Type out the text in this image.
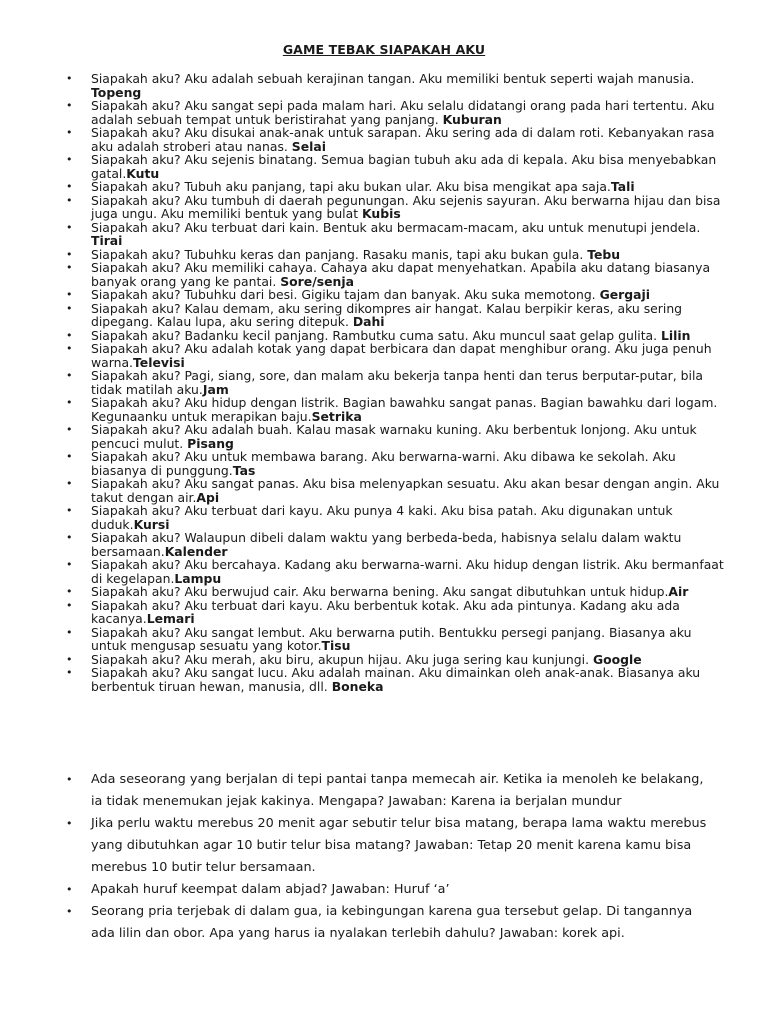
GAME TEBAK SIAPAKAH AKU
• Siapakah aku? Aku adalah sebuah kerajinan tangan. Aku memiliki bentuk seperti wajah manusia. Topeng
• Siapakah aku? Aku sangat sepi pada malam hari. Aku selalu didatangi orang pada hari tertentu. Aku adalah sebuah tempat untuk beristirahat yang panjang. Kuburan
• Siapakah aku? Aku disukai anak-anak untuk sarapan. Aku sering ada di dalam roti. Kebanyakan rasa aku adalah stroberi atau nanas. Selai
• Siapakah aku? Aku sejenis binatang. Semua bagian tubuh aku ada di kepala. Aku bisa menyebabkan gatal.Kutu
• Siapakah aku? Tubuh aku panjang, tapi aku bukan ular. Aku bisa mengikat apa saja.Tali
• Siapakah aku? Aku tumbuh di daerah pegunungan. Aku sejenis sayuran. Aku berwarna hijau dan bisa juga ungu. Aku memiliki bentuk yang bulat Kubis
• Siapakah aku? Aku terbuat dari kain. Bentuk aku bermacam-macam, aku untuk menutupi jendela. Tirai
• Siapakah aku? Tubuhku keras dan panjang. Rasaku manis, tapi aku bukan gula. Tebu
• Siapakah aku? Aku memiliki cahaya. Cahaya aku dapat menyehatkan. Apabila aku datang biasanya banyak orang yang ke pantai. Sore/senja
• Siapakah aku? Tubuhku dari besi. Gigiku tajam dan banyak. Aku suka memotong. Gergaji
• Siapakah aku? Kalau demam, aku sering dikompres air hangat. Kalau berpikir keras, aku sering dipegang. Kalau lupa, aku sering ditepuk. Dahi
• Siapakah aku? Badanku kecil panjang. Rambutku cuma satu. Aku muncul saat gelap gulita. Lilin
• Siapakah aku? Aku adalah kotak yang dapat berbicara dan dapat menghibur orang. Aku juga penuh warna.Televisi
• Siapakah aku? Pagi, siang, sore, dan malam aku bekerja tanpa henti dan terus berputar-putar, bila tidak matilah aku.Jam
• Siapakah aku? Aku hidup dengan listrik. Bagian bawahku sangat panas. Bagian bawahku dari logam. Kegunaanku untuk merapikan baju.Setrika
• Siapakah aku? Aku adalah buah. Kalau masak warnaku kuning. Aku berbentuk lonjong. Aku untuk pencuci mulut. Pisang
• Siapakah aku? Aku untuk membawa barang. Aku berwarna-warni. Aku dibawa ke sekolah. Aku biasanya di punggung.Tas
• Siapakah aku? Aku sangat panas. Aku bisa melenyapkan sesuatu. Aku akan besar dengan angin. Aku takut dengan air.Api
• Siapakah aku? Aku terbuat dari kayu. Aku punya 4 kaki. Aku bisa patah. Aku digunakan untuk duduk.Kursi
• Siapakah aku? Walaupun dibeli dalam waktu yang berbeda-beda, habisnya selalu dalam waktu bersamaan.Kalender
• Siapakah aku? Aku bercahaya. Kadang aku berwarna-warni. Aku hidup dengan listrik. Aku bermanfaat di kegelapan.Lampu
• Siapakah aku? Aku berwujud cair. Aku berwarna bening. Aku sangat dibutuhkan untuk hidup.Air
• Siapakah aku? Aku terbuat dari kayu. Aku berbentuk kotak. Aku ada pintunya. Kadang aku ada kacanya.Lemari
• Siapakah aku? Aku sangat lembut. Aku berwarna putih. Bentukku persegi panjang. Biasanya aku untuk mengusap sesuatu yang kotor.Tisu
• Siapakah aku? Aku merah, aku biru, akupun hijau. Aku juga sering kau kunjungi. Google
• Siapakah aku? Aku sangat lucu. Aku adalah mainan. Aku dimainkan oleh anak-anak. Biasanya aku berbentuk tiruan hewan, manusia, dll. Boneka
• Ada seseorang yang berjalan di tepi pantai tanpa memecah air. Ketika ia menoleh ke belakang, ia tidak menemukan jejak kakinya. Mengapa? Jawaban: Karena ia berjalan mundur
• Jika perlu waktu merebus 20 menit agar sebutir telur bisa matang, berapa lama waktu merebus yang dibutuhkan agar 10 butir telur bisa matang? Jawaban: Tetap 20 menit karena kamu bisa merebus 10 butir telur bersamaan.
• Apakah huruf keempat dalam abjad? Jawaban: Huruf ‘a’
• Seorang pria terjebak di dalam gua, ia kebingungan karena gua tersebut gelap. Di tangannya ada lilin dan obor. Apa yang harus ia nyalakan terlebih dahulu? Jawaban: korek api.
